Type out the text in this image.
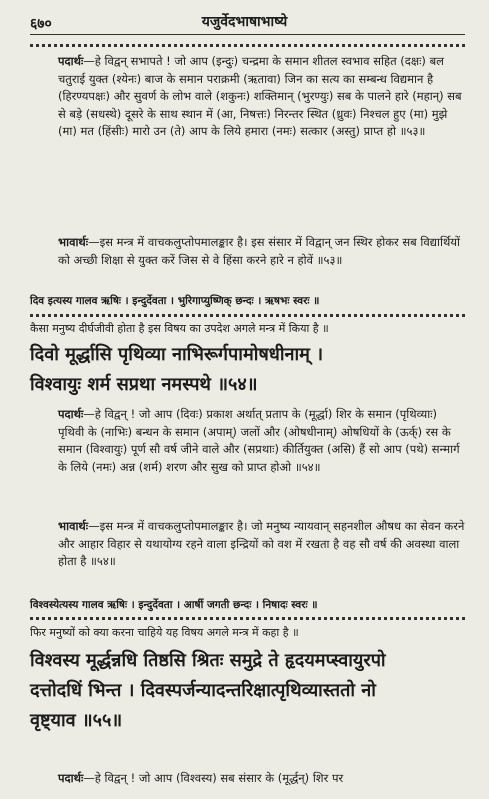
६७०	यजुर्वेदभाषाभाष्ये
पदार्थः—हे विद्वन् सभापते ! जो आप (इन्दुः) चन्द्रमा के समान शीतल स्वभाव सहित (दक्षः) बल चतुराई युक्त (श्येनः) बाज के समान पराक्रमी (ऋतावा) जिन का सत्य का सम्बन्ध विद्यमान है (हिरण्यपक्षः) और सुवर्ण के लोभ वाले (शकुनः) शक्तिमान् (भुरण्युः) सब के पालने हारे (महान्) सब से बड़े (सधस्थे) दूसरे के साथ स्थान में (आ, निषत्तः) निरन्तर स्थित (ध्रुवः) निश्चल हुए (मा) मुझे (मा) मत (हिंसीः) मारो उन (ते) आप के लिये हमारा (नमः) सत्कार (अस्तु) प्राप्त हो ॥५३॥
भावार्थः—इस मन्त्र में वाचकलुप्तोपमालङ्कार है। इस संसार में विद्वान् जन स्थिर होकर सब विद्यार्थियों को अच्छी शिक्षा से युक्त करें जिस से वे हिंसा करने हारे न होवें ॥५३॥
दिव इत्यस्य गालव ऋषिः । इन्दुर्देवता । भुरिगाप्युष्णिक् छन्दः । ऋषभः स्वरः ॥
कैसा मनुष्य दीर्घजीवी होता है इस विषय का उपदेश अगले मन्त्र में किया है ॥
दिवो मूर्द्धासि पृथिव्या नाभिरूर्गपामोषधीनाम् ।
विश्वायुः शर्म सप्रथा नमस्पथे ॥५४॥
पदार्थः—हे विद्वन् ! जो आप (दिवः) प्रकाश अर्थात् प्रताप के (मूर्द्धा) शिर के समान (पृथिव्याः) पृथिवी के (नाभिः) बन्धन के समान (अपाम्) जलों और (ओषधीनाम्) ओषधियों के (ऊर्क्) रस के समान (विश्वायुः) पूर्ण सौ वर्ष जीने वाले और (सप्रथाः) कीर्तियुक्त (असि) हैं सो आप (पथे) सन्मार्ग के लिये (नमः) अन्न (शर्म) शरण और सुख को प्राप्त होओ ॥५४॥
भावार्थः—इस मन्त्र में वाचकलुप्तोपमालङ्कार है। जो मनुष्य न्यायवान् सहनशील औषध का सेवन करने और आहार विहार से यथायोग्य रहने वाला इन्द्रियों को वश में रखता है वह सौ वर्ष की अवस्था वाला होता है ॥५४॥
विश्वस्येत्यस्य गालव ऋषिः । इन्दुर्देवता । आर्षी जगती छन्दः । निषादः स्वरः ॥
फिर मनुष्यों को क्या करना चाहिये यह विषय अगले मन्त्र में कहा है ॥
विश्वस्य मूर्द्धन्नधि तिष्ठसि श्रितः समुद्रे ते हृदयमप्स्वायुरपो
दत्तोदधिं भिन्त । दिवस्पर्जन्यादन्तरिक्षात्पृथिव्यास्ततो नो
वृष्ट्याव ॥५५॥
पदार्थः—हे विद्वन् ! जो आप (विश्वस्य) सब संसार के (मूर्द्धन्) शिर पर
